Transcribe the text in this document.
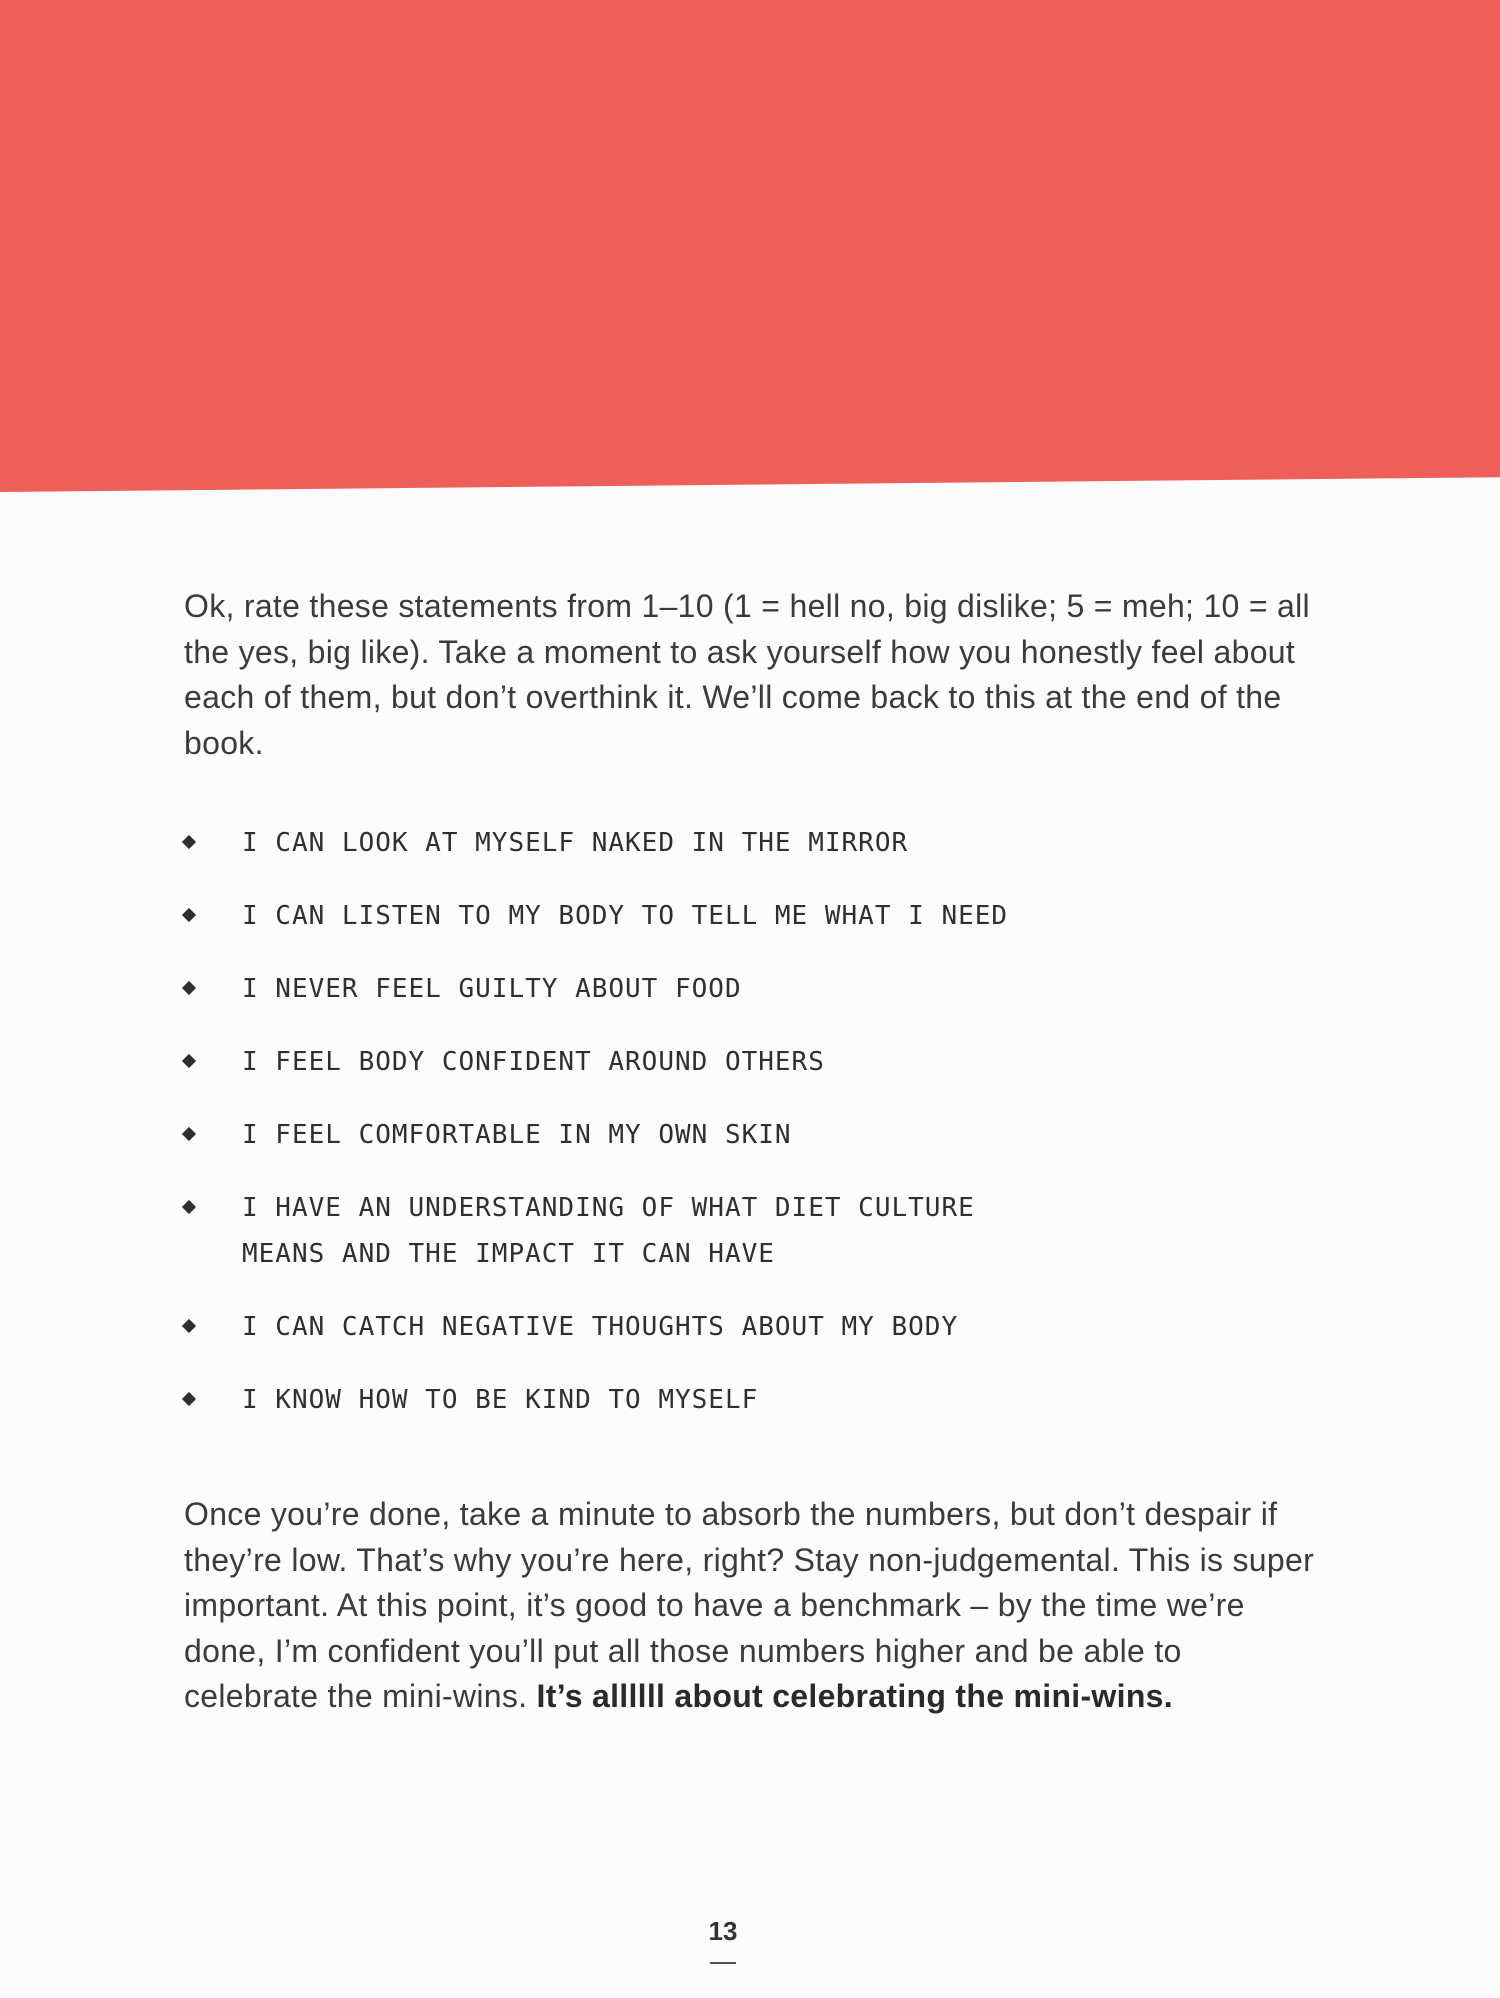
Ok, rate these statements from 1–10 (1 = hell no, big dislike; 5 = meh; 10 = all the yes, big like). Take a moment to ask yourself how you honestly feel about each of them, but don’t overthink it. We’ll come back to this at the end of the book.

I CAN LOOK AT MYSELF NAKED IN THE MIRROR
I CAN LISTEN TO MY BODY TO TELL ME WHAT I NEED
I NEVER FEEL GUILTY ABOUT FOOD
I FEEL BODY CONFIDENT AROUND OTHERS
I FEEL COMFORTABLE IN MY OWN SKIN
I HAVE AN UNDERSTANDING OF WHAT DIET CULTURE MEANS AND THE IMPACT IT CAN HAVE
I CAN CATCH NEGATIVE THOUGHTS ABOUT MY BODY
I KNOW HOW TO BE KIND TO MYSELF

Once you’re done, take a minute to absorb the numbers, but don’t despair if they’re low. That’s why you’re here, right? Stay non-judgemental. This is super important. At this point, it’s good to have a benchmark – by the time we’re done, I’m confident you’ll put all those numbers higher and be able to celebrate the mini-wins. It’s allllll about celebrating the mini-wins.

13
